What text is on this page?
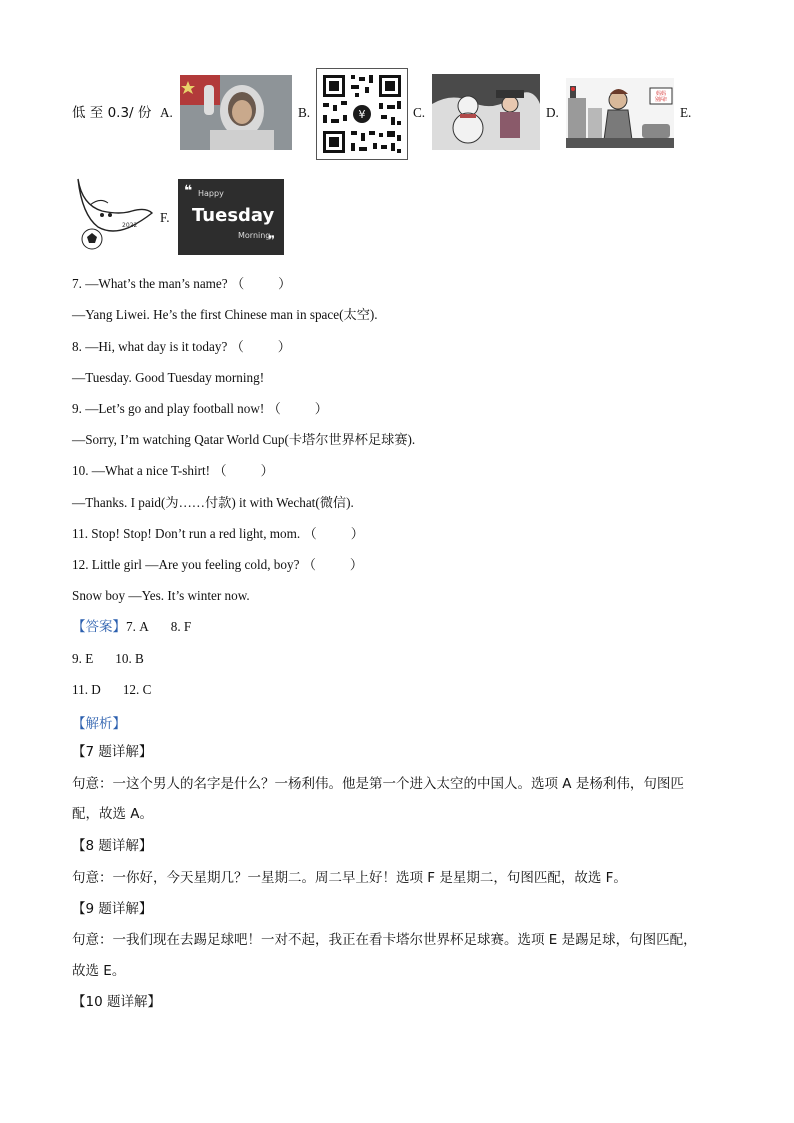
低 至 0.3/ 份 A.	B.	¥	C.	D.
妈妈
别闯!
E.
2022
F.
❝ Happy
Tuesday
Morning
❞
7. —What’s the man’s name? （	）
—Yang Liwei. He’s the first Chinese man in space(太空).
8. —Hi, what day is it today? （	）
—Tuesday. Good Tuesday morning!
9. —Let’s go and play football now! （	）
—Sorry, I’m watching Qatar World Cup(卡塔尔世界杯足球赛).
10. —What a nice T-shirt! （	）
—Thanks. I paid(为……付款) it with Wechat(微信).
11. Stop! Stop! Don’t run a red light, mom. （	）
12. Little girl —Are you feeling cold, boy? （	）
Snow boy —Yes. It’s winter now.
【答案】7. A 8. F
9. E 10. B
11. D 12. C
【解析】
【7 题详解】
句意：一这个男人的名字是什么？一杨利伟。他是第一个进入太空的中国人。选项 A 是杨利伟，句图匹
配，故选 A。
【8 题详解】
句意：一你好，今天星期几？一星期二。周二早上好！选项 F 是星期二，句图匹配，故选 F。
【9 题详解】
句意：一我们现在去踢足球吧！一对不起，我正在看卡塔尔世界杯足球赛。选项 E 是踢足球，句图匹配，
故选 E。
【10 题详解】
